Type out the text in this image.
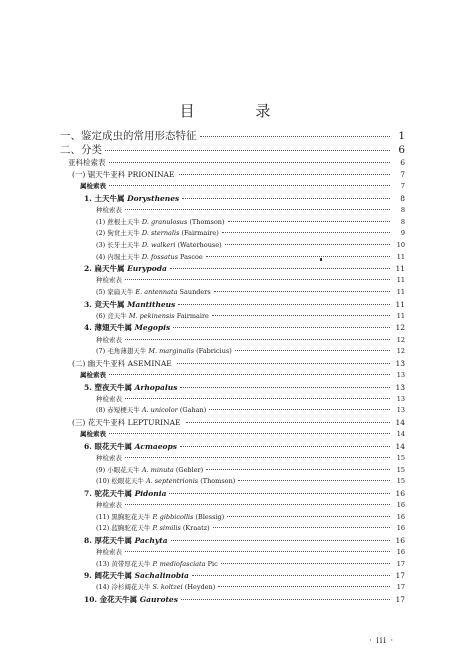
目 录
一、鉴定成虫的常用形态特征	1
二、分类	6
亚科检索表	6
(一) 锯天牛亚科 PRIONINAE	7
属检索表	7
1. 土天牛属 Dorysthenes	8
种检索表	8
(1) 蔗根土天牛 D. granulosus (Thomson)	8
(2) 狗贲土天牛 D. sternalis (Fairmaire)	9
(3) 长牙土天牛 D. walkeri (Waterhouse)	10
(4) 内堀土天牛 D. fossatus Pascoe	11
2. 扁天牛属 Eurypoda	11
种检索表	11
(5) 家扁天牛 E. antennata Saunders	11
3. 竞天牛属 Mantitheus	11
(6) 竞天牛 M. pekinensis Fairmaire	11
4. 薄翅天牛属 Megopis	12
种检索表	12
(7) 毛角薄翅天牛 M. marginalis (Fabricius)	12
(二) 幽天牛亚科 ASEMINAE	13
属检索表	13
5. 塑夜天牛属 Arhopalus	13
种检索表	13
(8) 赤短梗天牛 A. unicolor (Gahan)	13
(三) 花天牛亚科 LEPTURINAE	14
属检索表	14
6. 眼花天牛属 Acmaeops	14
种检索表	15
(9) 小眼花天牛 A. minuta (Gebler)	15
(10) 松眼花天牛 A. septentrionis (Thomson)	15
7. 驼花天牛属 Pidonia	16
种检索表	16
(11) 黑胸驼花天牛 P. gibbicollis (Blessig)	16
(12) 蓝胸驼花天牛 P. similis (Kraatz)	16
8. 厚花天牛属 Pachyta	16
种检索表	16
(13) 黄带厚花天牛 P. mediofasciata Pic	17
9. 阔花天牛属 Sachalinobia	17
(14) 冷杉阔花天牛 S. koltzei (Heyden)	17
10. 金花天牛属 Gaurotes	17
· iii ·
